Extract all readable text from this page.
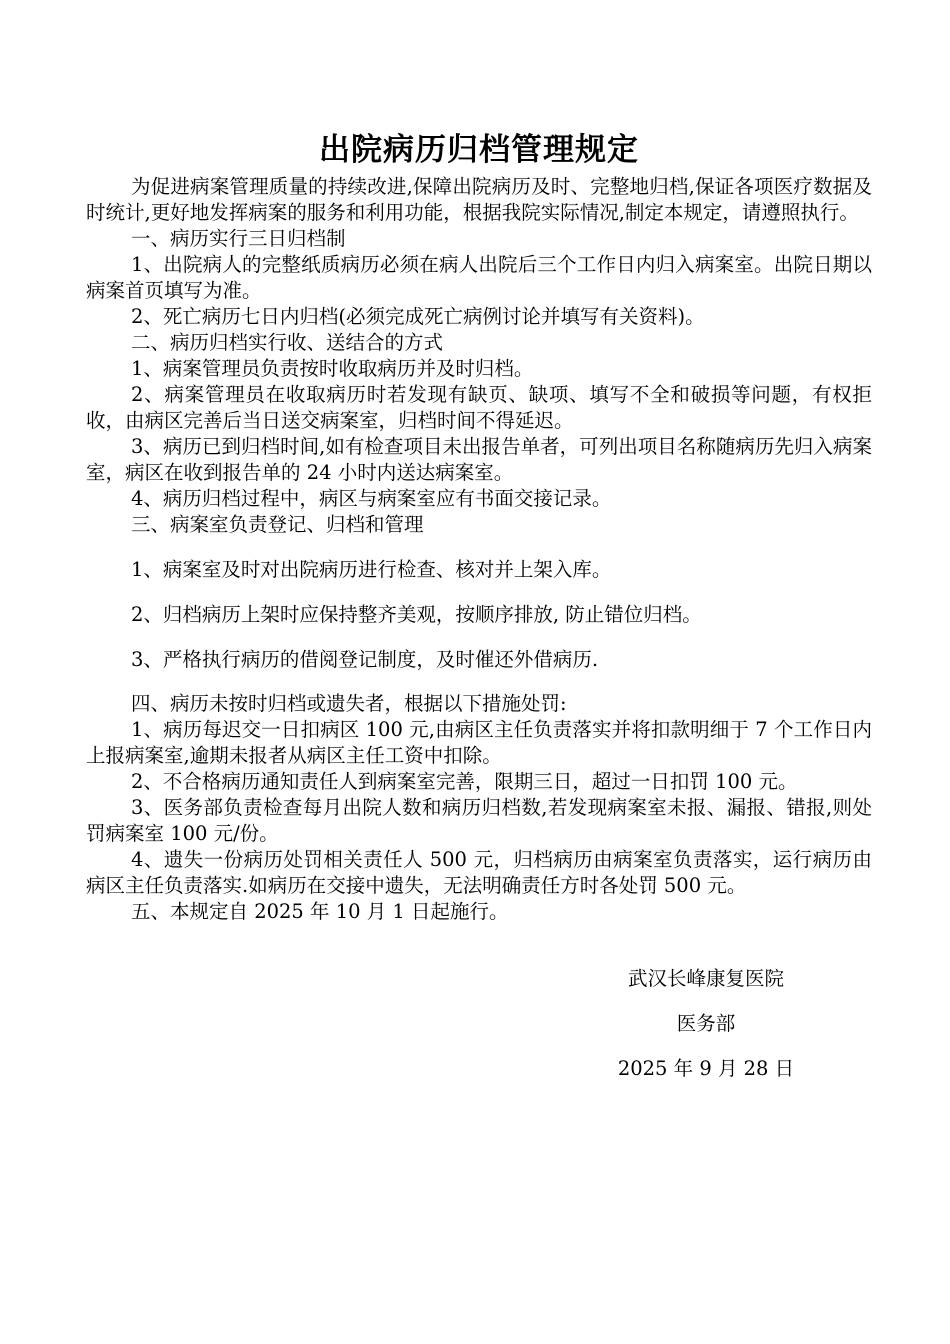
出院病历归档管理规定

为促进病案管理质量的持续改进,保障出院病历及时、完整地归档,保证各项医疗数据及时统计,更好地发挥病案的服务和利用功能，根据我院实际情况,制定本规定，请遵照执行。

一、病历实行三日归档制

1、出院病人的完整纸质病历必须在病人出院后三个工作日内归入病案室。出院日期以病案首页填写为准。

2、死亡病历七日内归档(必须完成死亡病例讨论并填写有关资料)。

二、病历归档实行收、送结合的方式

1、病案管理员负责按时收取病历并及时归档。

2、病案管理员在收取病历时若发现有缺页、缺项、填写不全和破损等问题，有权拒收，由病区完善后当日送交病案室，归档时间不得延迟。

3、病历已到归档时间,如有检查项目未出报告单者，可列出项目名称随病历先归入病案室，病区在收到报告单的 24 小时内送达病案室。

4、病历归档过程中，病区与病案室应有书面交接记录。

三、病案室负责登记、归档和管理

1、病案室及时对出院病历进行检查、核对并上架入库。

2、归档病历上架时应保持整齐美观，按顺序排放, 防止错位归档。

3、严格执行病历的借阅登记制度，及时催还外借病历.

四、病历未按时归档或遗失者，根据以下措施处罚:

1、病历每迟交一日扣病区 100 元,由病区主任负责落实并将扣款明细于 7 个工作日内上报病案室,逾期未报者从病区主任工资中扣除。

2、不合格病历通知责任人到病案室完善，限期三日，超过一日扣罚 100 元。

3、医务部负责检查每月出院人数和病历归档数,若发现病案室未报、漏报、错报,则处罚病案室 100 元/份。

4、遗失一份病历处罚相关责任人 500 元，归档病历由病案室负责落实，运行病历由病区主任负责落实.如病历在交接中遗失，无法明确责任方时各处罚 500 元。

五、本规定自 2025 年 10 月 1 日起施行。

武汉长峰康复医院
医务部
2025 年 9 月 28 日
